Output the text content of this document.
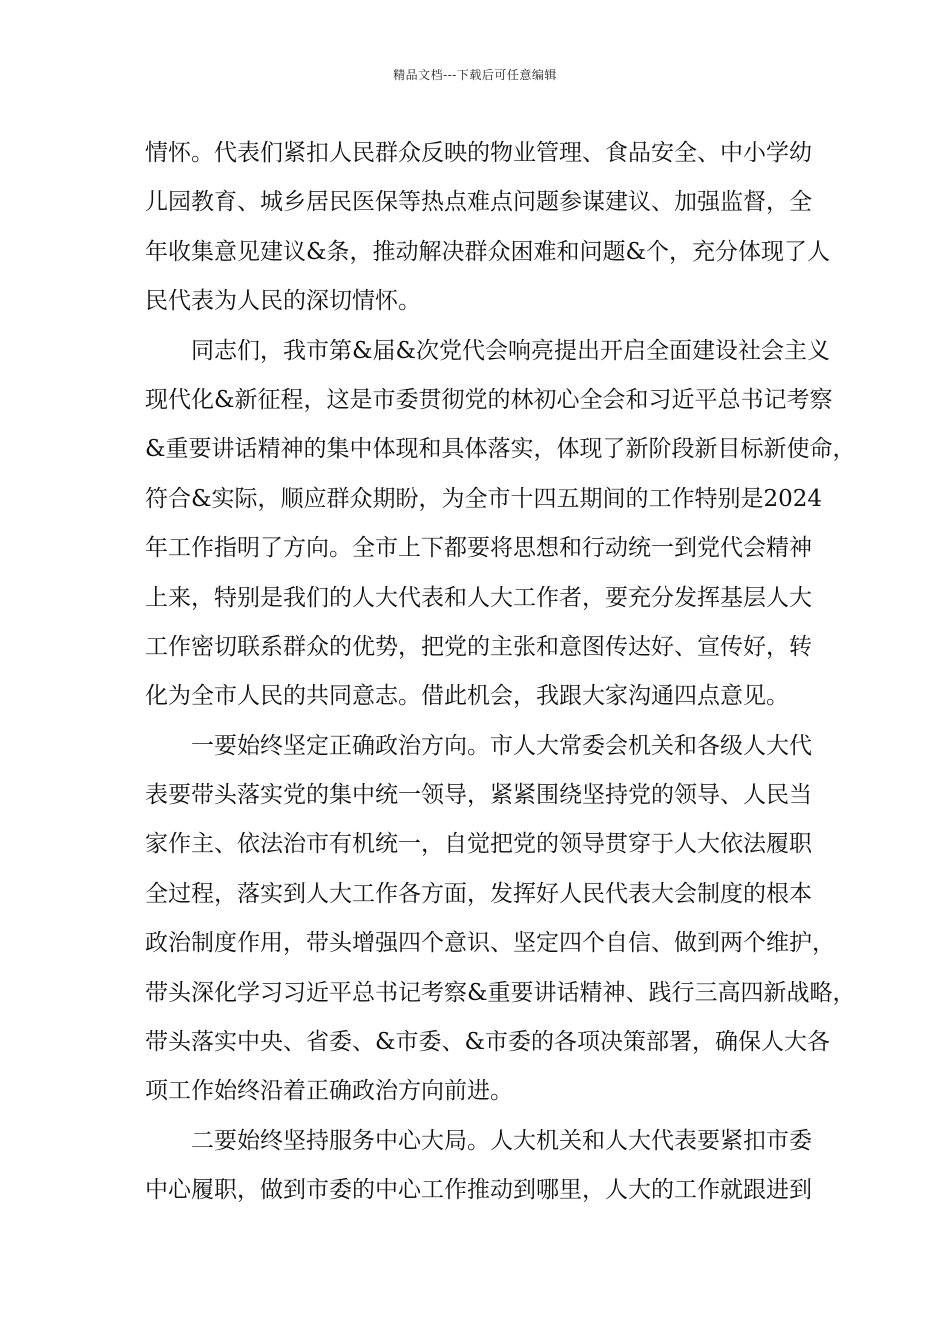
精品文档---下载后可任意编辑
情怀。代表们紧扣人民群众反映的物业管理、食品安全、中小学幼
儿园教育、城乡居民医保等热点难点问题参谋建议、加强监督，全
年收集意见建议&条，推动解决群众困难和问题&个，充分体现了人
民代表为人民的深切情怀。
同志们，我市第&届&次党代会响亮提出开启全面建设社会主义
现代化&新征程，这是市委贯彻党的林初心全会和习近平总书记考察
&重要讲话精神的集中体现和具体落实，体现了新阶段新目标新使命，
符合&实际，顺应群众期盼，为全市十四五期间的工作特别是2024
年工作指明了方向。全市上下都要将思想和行动统一到党代会精神
上来，特别是我们的人大代表和人大工作者，要充分发挥基层人大
工作密切联系群众的优势，把党的主张和意图传达好、宣传好，转
化为全市人民的共同意志。借此机会，我跟大家沟通四点意见。
一要始终坚定正确政治方向。市人大常委会机关和各级人大代
表要带头落实党的集中统一领导，紧紧围绕坚持党的领导、人民当
家作主、依法治市有机统一，自觉把党的领导贯穿于人大依法履职
全过程，落实到人大工作各方面，发挥好人民代表大会制度的根本
政治制度作用，带头增强四个意识、坚定四个自信、做到两个维护，
带头深化学习习近平总书记考察&重要讲话精神、践行三高四新战略，
带头落实中央、省委、&市委、&市委的各项决策部署，确保人大各
项工作始终沿着正确政治方向前进。
二要始终坚持服务中心大局。人大机关和人大代表要紧扣市委
中心履职，做到市委的中心工作推动到哪里，人大的工作就跟进到
